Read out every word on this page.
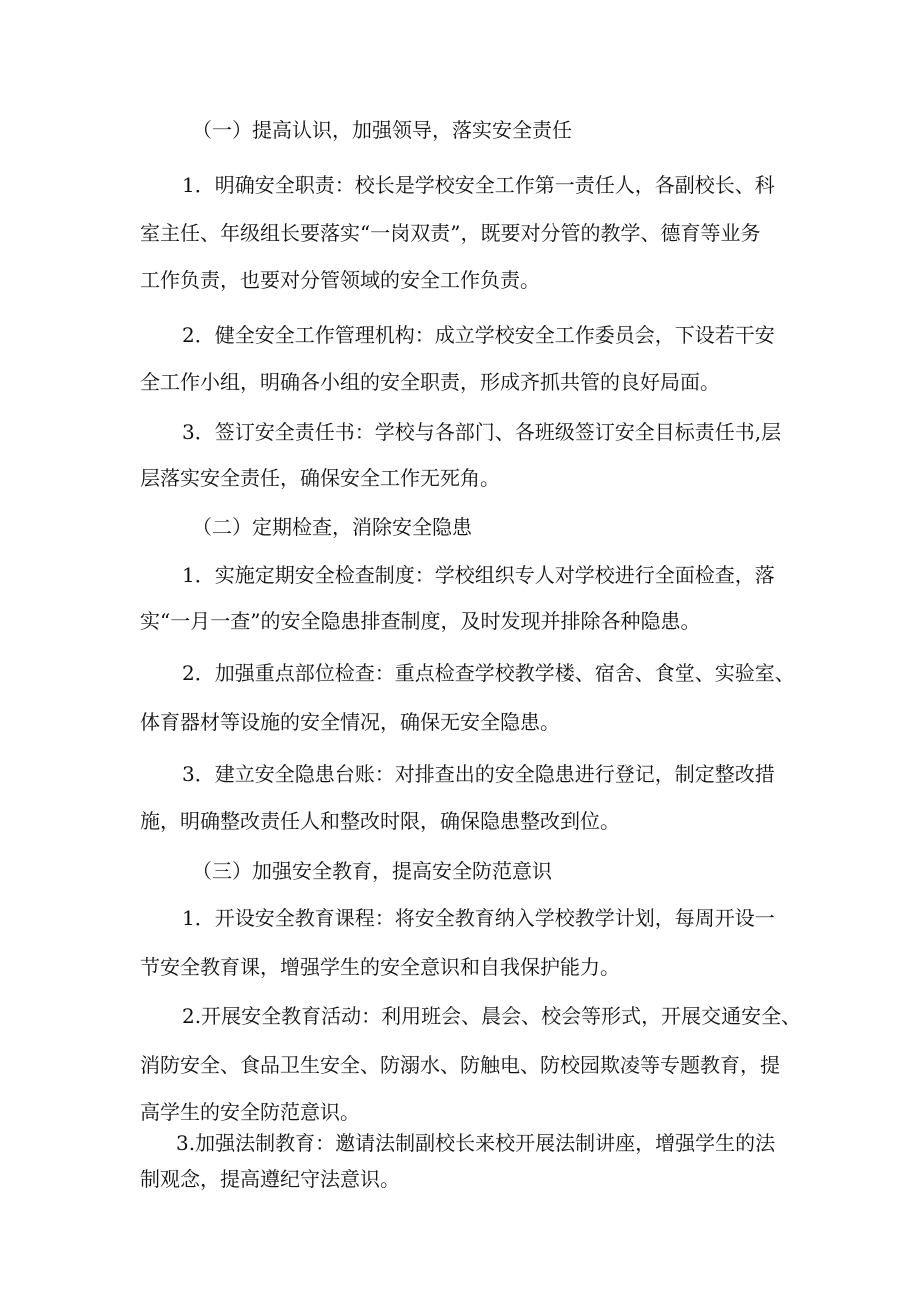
（一）提高认识，加强领导，落实安全责任

1．明确安全职责：校长是学校安全工作第一责任人，各副校长、科

室主任、年级组长要落实“一岗双责”，既要对分管的教学、德育等业务

工作负责，也要对分管领域的安全工作负责。

2．健全安全工作管理机构：成立学校安全工作委员会，下设若干安

全工作小组，明确各小组的安全职责，形成齐抓共管的良好局面。

3．签订安全责任书：学校与各部门、各班级签订安全目标责任书,层

层落实安全责任，确保安全工作无死角。

（二）定期检查，消除安全隐患

1．实施定期安全检查制度：学校组织专人对学校进行全面检查，落

实“一月一查”的安全隐患排查制度，及时发现并排除各种隐患。

2．加强重点部位检查：重点检查学校教学楼、宿舍、食堂、实验室、

体育器材等设施的安全情况，确保无安全隐患。

3．建立安全隐患台账：对排查出的安全隐患进行登记，制定整改措

施，明确整改责任人和整改时限，确保隐患整改到位。

（三）加强安全教育，提高安全防范意识

1．开设安全教育课程：将安全教育纳入学校教学计划，每周开设一

节安全教育课，增强学生的安全意识和自我保护能力。

2.开展安全教育活动：利用班会、晨会、校会等形式，开展交通安全、

消防安全、食品卫生安全、防溺水、防触电、防校园欺凌等专题教育，提

高学生的安全防范意识。

3.加强法制教育：邀请法制副校长来校开展法制讲座，增强学生的法

制观念，提高遵纪守法意识。
